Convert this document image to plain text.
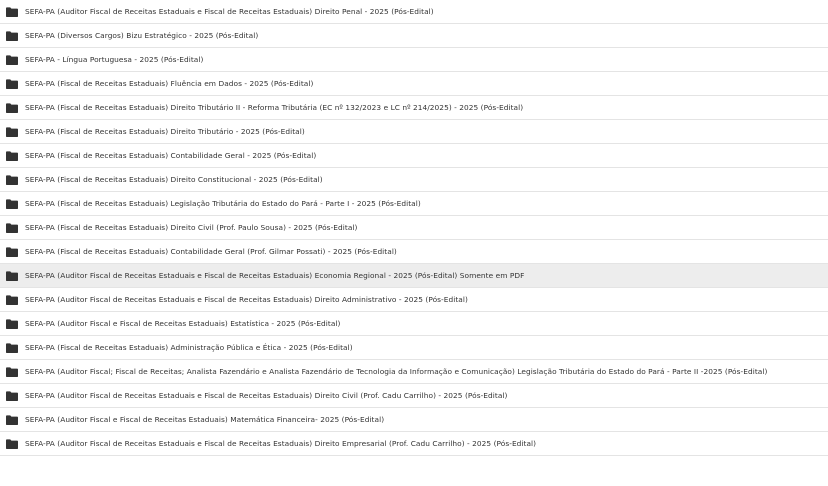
SEFA-PA (Auditor Fiscal de Receitas Estaduais e Fiscal de Receitas Estaduais) Direito Penal - 2025 (Pós-Edital)
SEFA-PA (Diversos Cargos) Bizu Estratégico - 2025 (Pós-Edital)
SEFA-PA - Língua Portuguesa - 2025 (Pós-Edital)
SEFA-PA (Fiscal de Receitas Estaduais) Fluência em Dados - 2025 (Pós-Edital)
SEFA-PA (Fiscal de Receitas Estaduais) Direito Tributário II - Reforma Tributária (EC nº 132/2023 e LC nº 214/2025) - 2025 (Pós-Edital)
SEFA-PA (Fiscal de Receitas Estaduais) Direito Tributário - 2025 (Pós-Edital)
SEFA-PA (Fiscal de Receitas Estaduais) Contabilidade Geral - 2025 (Pós-Edital)
SEFA-PA (Fiscal de Receitas Estaduais) Direito Constitucional - 2025 (Pós-Edital)
SEFA-PA (Fiscal de Receitas Estaduais) Legislação Tributária do Estado do Pará - Parte I - 2025 (Pós-Edital)
SEFA-PA (Fiscal de Receitas Estaduais) Direito Civil (Prof. Paulo Sousa) - 2025 (Pós-Edital)
SEFA-PA (Fiscal de Receitas Estaduais) Contabilidade Geral (Prof. Gilmar Possati) - 2025 (Pós-Edital)
SEFA-PA (Auditor Fiscal de Receitas Estaduais e Fiscal de Receitas Estaduais) Economia Regional - 2025 (Pós-Edital) Somente em PDF
SEFA-PA (Auditor Fiscal de Receitas Estaduais e Fiscal de Receitas Estaduais) Direito Administrativo - 2025 (Pós-Edital)
SEFA-PA (Auditor Fiscal e Fiscal de Receitas Estaduais) Estatística - 2025 (Pós-Edital)
SEFA-PA (Fiscal de Receitas Estaduais) Administração Pública e Ética - 2025 (Pós-Edital)
SEFA-PA (Auditor Fiscal; Fiscal de Receitas; Analista Fazendário e Analista Fazendário de Tecnologia da Informação e Comunicação) Legislação Tributária do Estado do Pará - Parte II -2025 (Pós-Edital)
SEFA-PA (Auditor Fiscal de Receitas Estaduais e Fiscal de Receitas Estaduais) Direito Civil (Prof. Cadu Carrilho) - 2025 (Pós-Edital)
SEFA-PA (Auditor Fiscal e Fiscal de Receitas Estaduais) Matemática Financeira- 2025 (Pós-Edital)
SEFA-PA (Auditor Fiscal de Receitas Estaduais e Fiscal de Receitas Estaduais) Direito Empresarial (Prof. Cadu Carrilho) - 2025 (Pós-Edital)
